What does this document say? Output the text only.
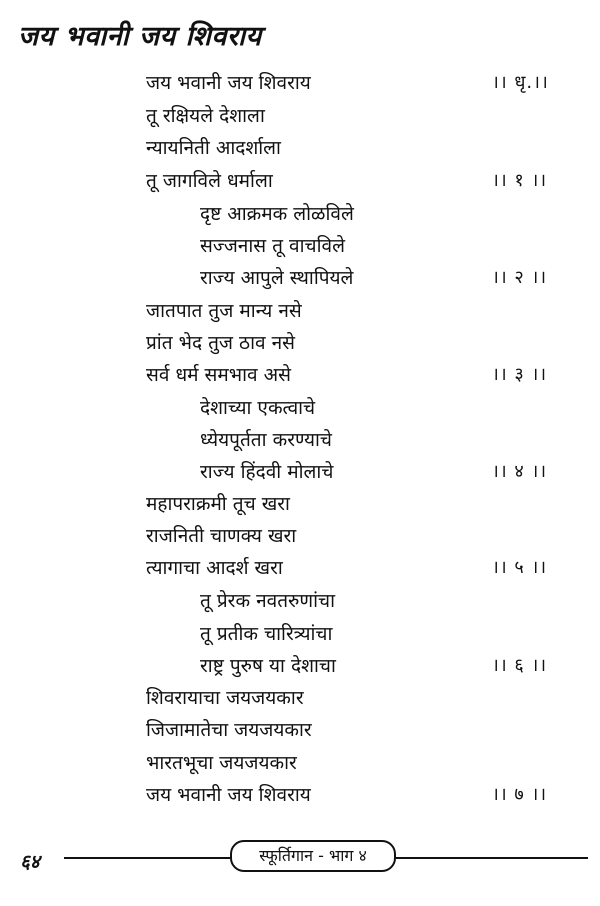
जय भवानी जय शिवराय
जय भवानी जय शिवराय
तू रक्षियले देशाला
न्यायनिती आदर्शाला
तू जागविले धर्माला
दृष्ट आक्रमक लोळविले
सज्जनास तू वाचविले
राज्य आपुले स्थापियले
जातपात तुज मान्य नसे
प्रांत भेद तुज ठाव नसे
सर्व धर्म समभाव असे
देशाच्या एकत्वाचे
ध्येयपूर्तता करण्याचे
राज्य हिंदवी मोलाचे
महापराक्रमी तूच खरा
राजनिती चाणक्य खरा
त्यागाचा आदर्श खरा
तू प्रेरक नवतरुणांचा
तू प्रतीक चारित्र्यांचा
राष्ट्र पुरुष या देशाचा
शिवरायाचा जयजयकार
जिजामातेचा जयजयकार
भारतभूचा जयजयकार
जय भवानी जय शिवराय
।। धृ.।।
।। १ ।।
।। २ ।।
।। ३ ।।
।। ४ ।।
।। ५ ।।
।। ६ ।।
।। ७ ।।
६४	स्फूर्तिगान - भाग ४
